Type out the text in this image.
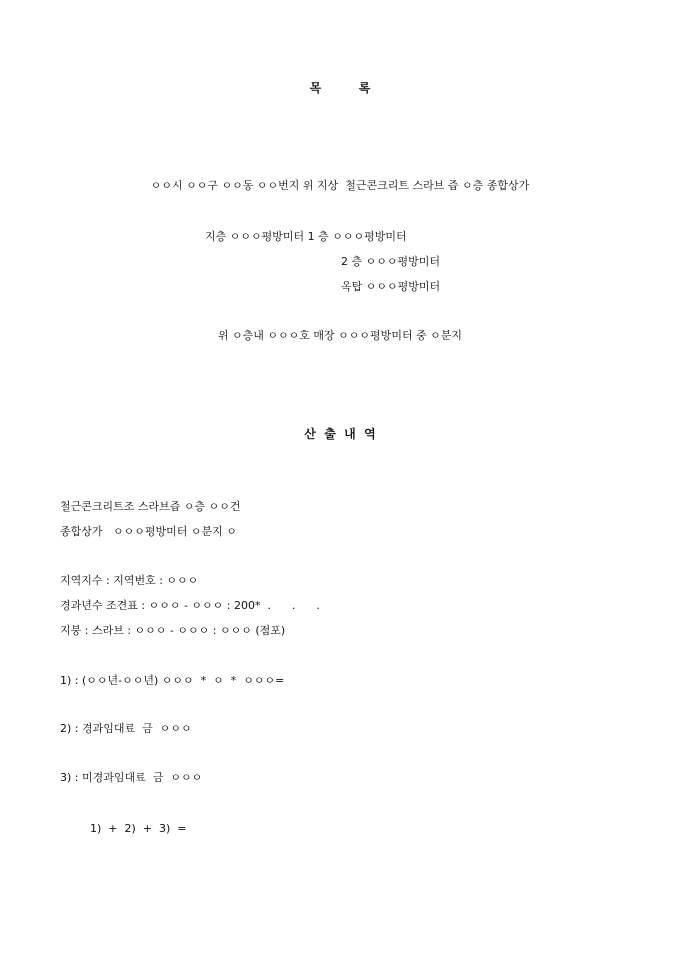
목         록
ㅇㅇ시 ㅇㅇ구 ㅇㅇ동 ㅇㅇ번지 위 지상  철근콘크리트 스라브 즙 ㅇ층 종합상가
지층 ㅇㅇㅇ평방미터 1 층 ㅇㅇㅇ평방미터
2 층 ㅇㅇㅇ평방미터
옥탑 ㅇㅇㅇ평방미터
위 ㅇ층내 ㅇㅇㅇ호 매장 ㅇㅇㅇ평방미터 중 ㅇ분지
산  출  내  역
철근콘크리트조 스라브즙 ㅇ층 ㅇㅇ건
종합상가   ㅇㅇㅇ평방미터 ㅇ분지 ㅇ
지역지수 : 지역번호 : ㅇㅇㅇ
경과년수 조견표 : ㅇㅇㅇ - ㅇㅇㅇ : 200*  .      .      .
지붕 : 스라브 : ㅇㅇㅇ - ㅇㅇㅇ : ㅇㅇㅇ (점포)
1) : (ㅇㅇ년-ㅇㅇ년) ㅇㅇㅇ  *  ㅇ  *  ㅇㅇㅇ=
2) : 경과임대료  금  ㅇㅇㅇ
3) : 미경과임대료  금  ㅇㅇㅇ
1)  +  2)  +  3)  =
